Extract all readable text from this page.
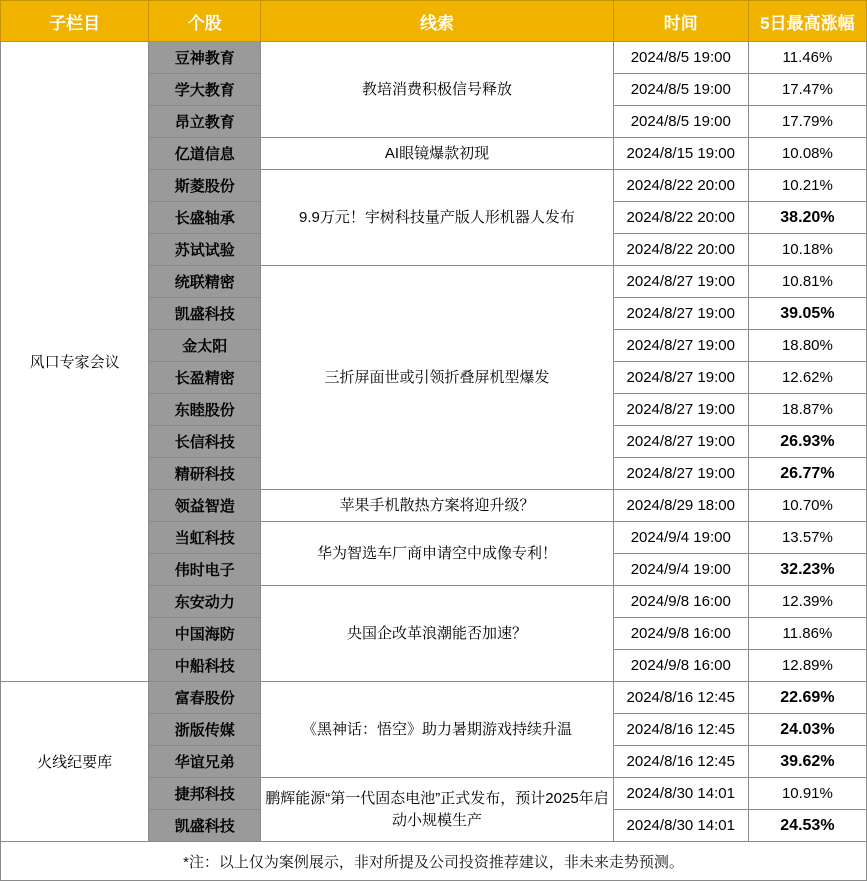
子栏目	个股	线索	时间	5日最高涨幅
风口专家会议	豆神教育	教培消费积极信号释放	2024/8/5 19:00	11.46%
	学大教育		2024/8/5 19:00	17.47%
	昂立教育		2024/8/5 19:00	17.79%
	亿道信息	AI眼镜爆款初现	2024/8/15 19:00	10.08%
	斯菱股份	9.9万元！宇树科技量产版人形机器人发布	2024/8/22 20:00	10.21%
	长盛轴承		2024/8/22 20:00	38.20%
	苏试试验		2024/8/22 20:00	10.18%
	统联精密	三折屏面世或引领折叠屏机型爆发	2024/8/27 19:00	10.81%
	凯盛科技		2024/8/27 19:00	39.05%
	金太阳		2024/8/27 19:00	18.80%
	长盈精密		2024/8/27 19:00	12.62%
	东睦股份		2024/8/27 19:00	18.87%
	长信科技		2024/8/27 19:00	26.93%
	精研科技		2024/8/27 19:00	26.77%
	领益智造	苹果手机散热方案将迎升级？	2024/8/29 18:00	10.70%
	当虹科技	华为智选车厂商申请空中成像专利！	2024/9/4 19:00	13.57%
	伟时电子		2024/9/4 19:00	32.23%
	东安动力	央国企改革浪潮能否加速？	2024/9/8 16:00	12.39%
	中国海防		2024/9/8 16:00	11.86%
	中船科技		2024/9/8 16:00	12.89%
火线纪要库	富春股份	《黑神话：悟空》助力暑期游戏持续升温	2024/8/16 12:45	22.69%
	浙版传媒		2024/8/16 12:45	24.03%
	华谊兄弟		2024/8/16 12:45	39.62%
	捷邦科技	鹏辉能源“第一代固态电池”正式发布，预计2025年启动小规模生产	2024/8/30 14:01	10.91%
	凯盛科技		2024/8/30 14:01	24.53%
*注：以上仅为案例展示，非对所提及公司投资推荐建议，非未来走势预测。				
